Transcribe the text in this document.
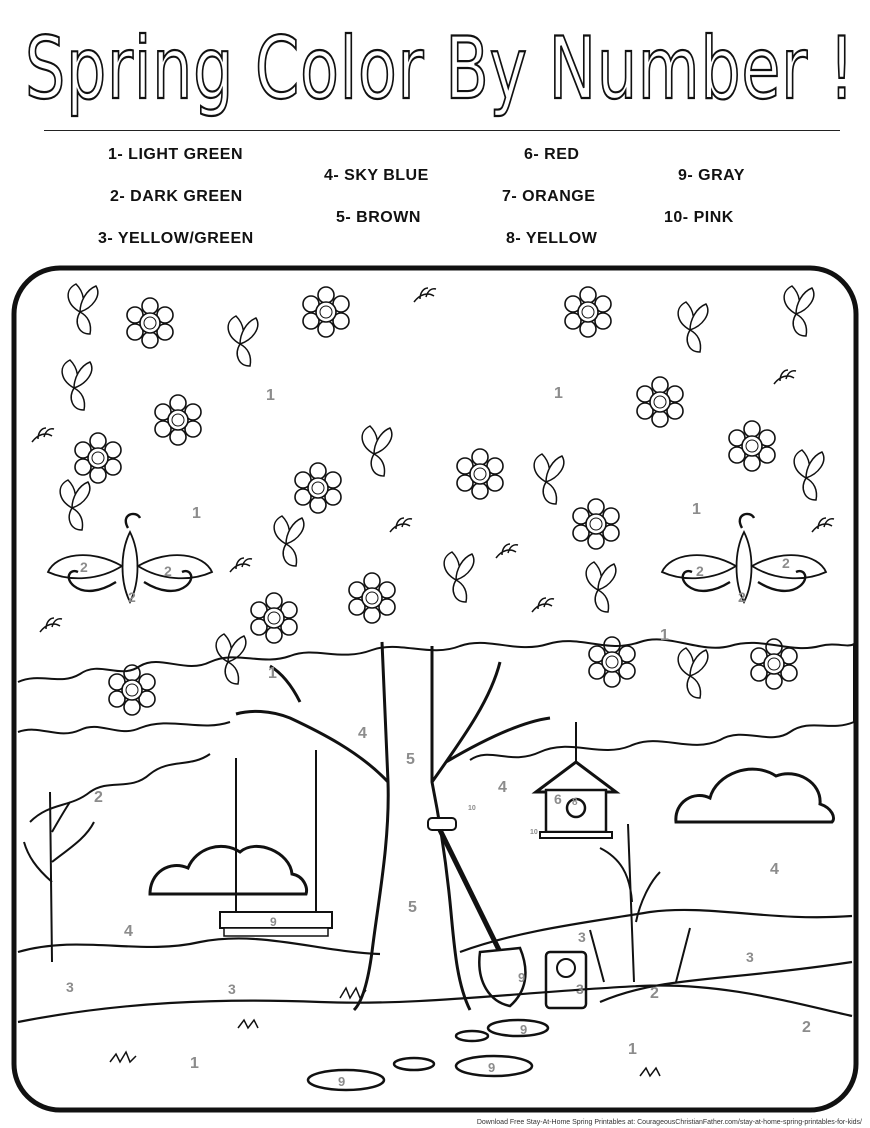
Spring Color By Number !
1- LIGHT GREEN
2- DARK GREEN
3- YELLOW/GREEN
4- SKY BLUE
5- BROWN
6- RED
7- ORANGE
8- YELLOW
9- GRAY
10- PINK
1	1
1	1
1
1
1
1
2
2
2
2	2
2
2	2
2
3	3
3
3
3
4
4
4
4
5
5
6 8
9
9
9
9
9
10
10
Download Free Stay-At-Home Spring Printables at: CourageousChristianFather.com/stay-at-home-spring-printables-for-kids/
